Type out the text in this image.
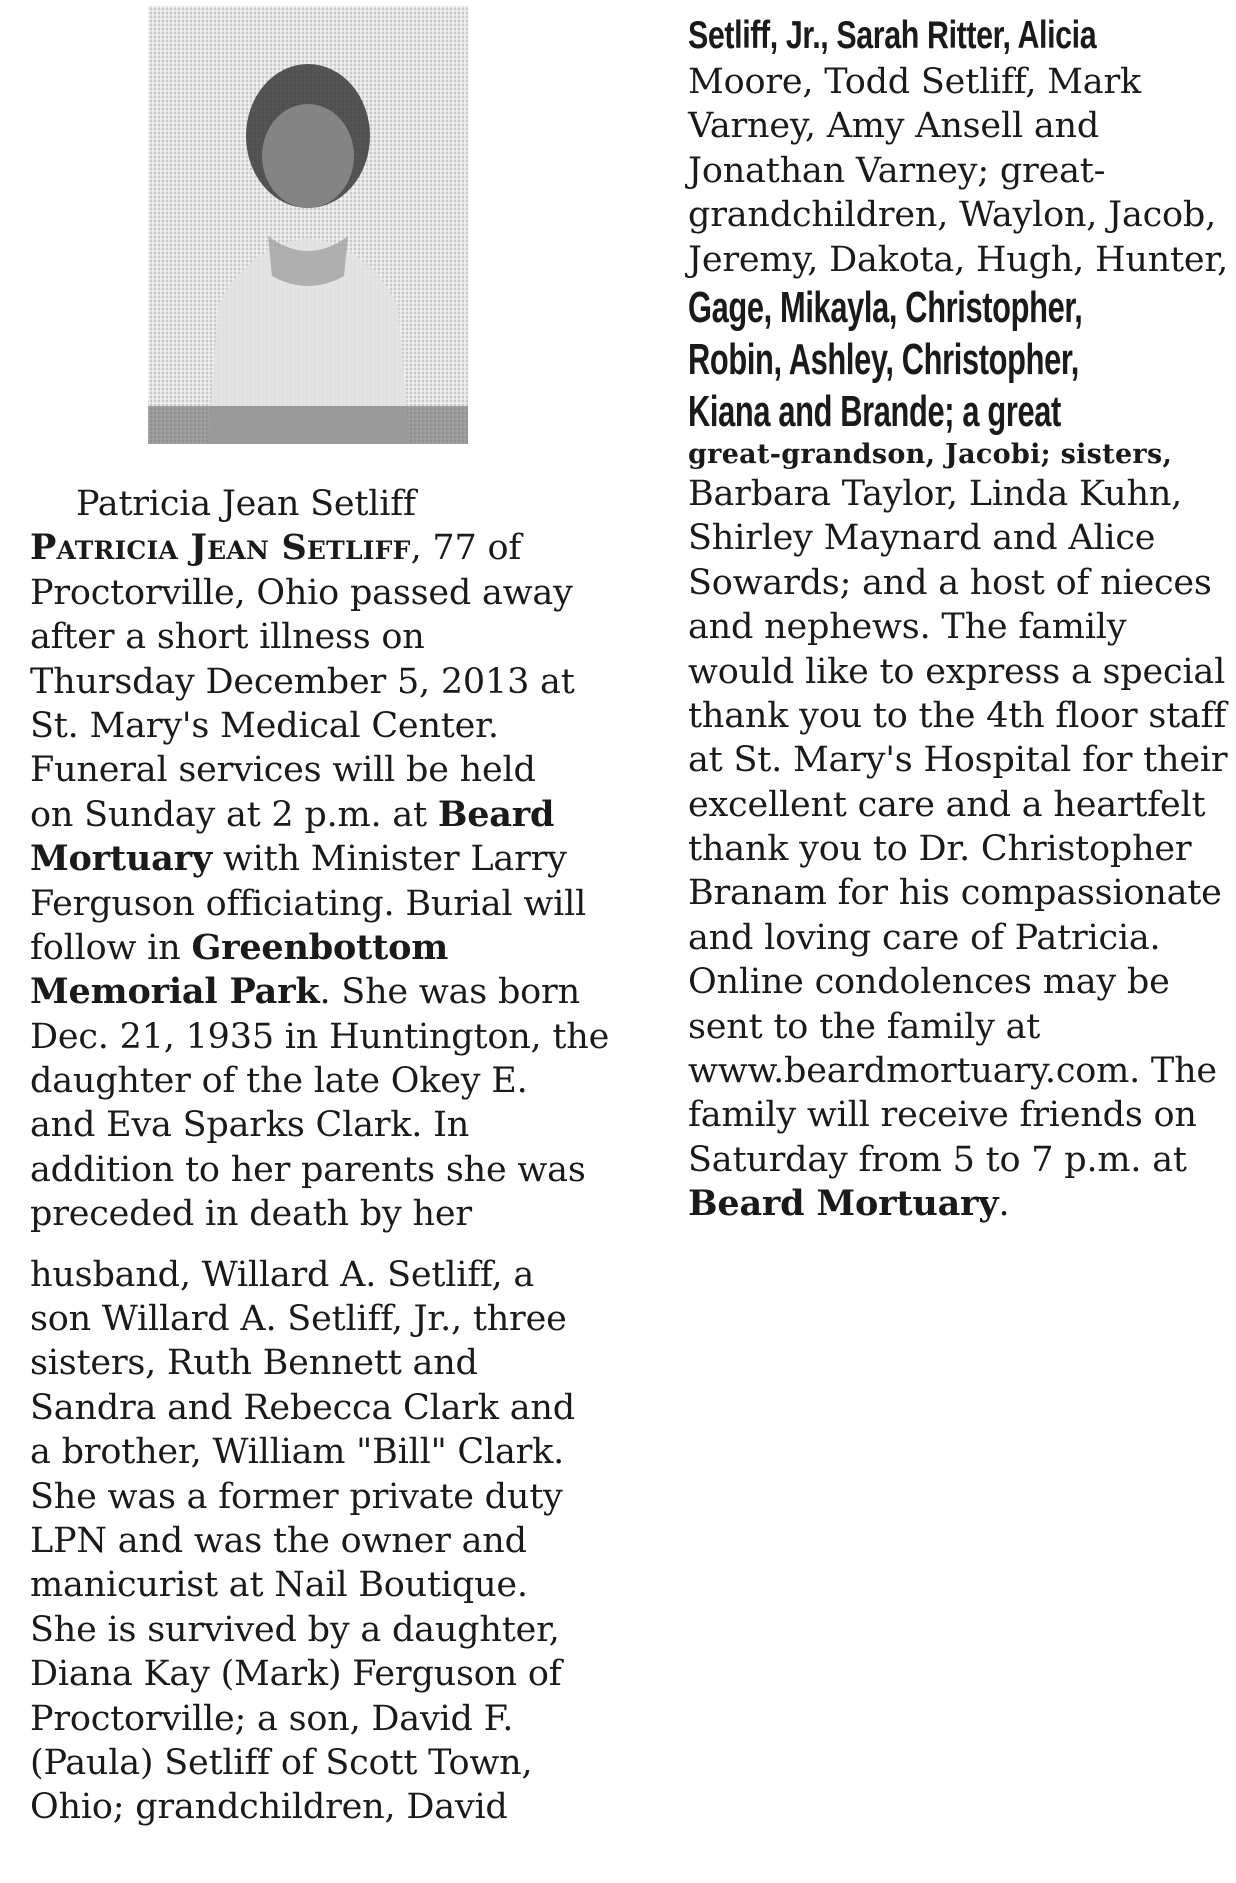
Patricia Jean Setliff
Patricia Jean Setliff, 77 of
Proctorville, Ohio passed away
after a short illness on
Thursday December 5, 2013 at
St. Mary's Medical Center.
Funeral services will be held
on Sunday at 2 p.m. at Beard
Mortuary with Minister Larry
Ferguson officiating. Burial will
follow in Greenbottom
Memorial Park. She was born
Dec. 21, 1935 in Huntington, the
daughter of the late Okey E.
and Eva Sparks Clark. In
addition to her parents she was
preceded in death by her
husband, Willard A. Setliff, a
son Willard A. Setliff, Jr., three
sisters, Ruth Bennett and
Sandra and Rebecca Clark and
a brother, William "Bill" Clark.
She was a former private duty
LPN and was the owner and
manicurist at Nail Boutique.
She is survived by a daughter,
Diana Kay (Mark) Ferguson of
Proctorville; a son, David F.
(Paula) Setliff of Scott Town,
Ohio; grandchildren, David
Setliff, Jr., Sarah Ritter, Alicia
Moore, Todd Setliff, Mark
Varney, Amy Ansell and
Jonathan Varney; great-
grandchildren, Waylon, Jacob,
Jeremy, Dakota, Hugh, Hunter,
Gage, Mikayla, Christopher,
Robin, Ashley, Christopher,
Kiana and Brande; a great
great-grandson, Jacobi; sisters,
Barbara Taylor, Linda Kuhn,
Shirley Maynard and Alice
Sowards; and a host of nieces
and nephews. The family
would like to express a special
thank you to the 4th floor staff
at St. Mary's Hospital for their
excellent care and a heartfelt
thank you to Dr. Christopher
Branam for his compassionate
and loving care of Patricia.
Online condolences may be
sent to the family at
www.beardmortuary.com. The
family will receive friends on
Saturday from 5 to 7 p.m. at
Beard Mortuary.
